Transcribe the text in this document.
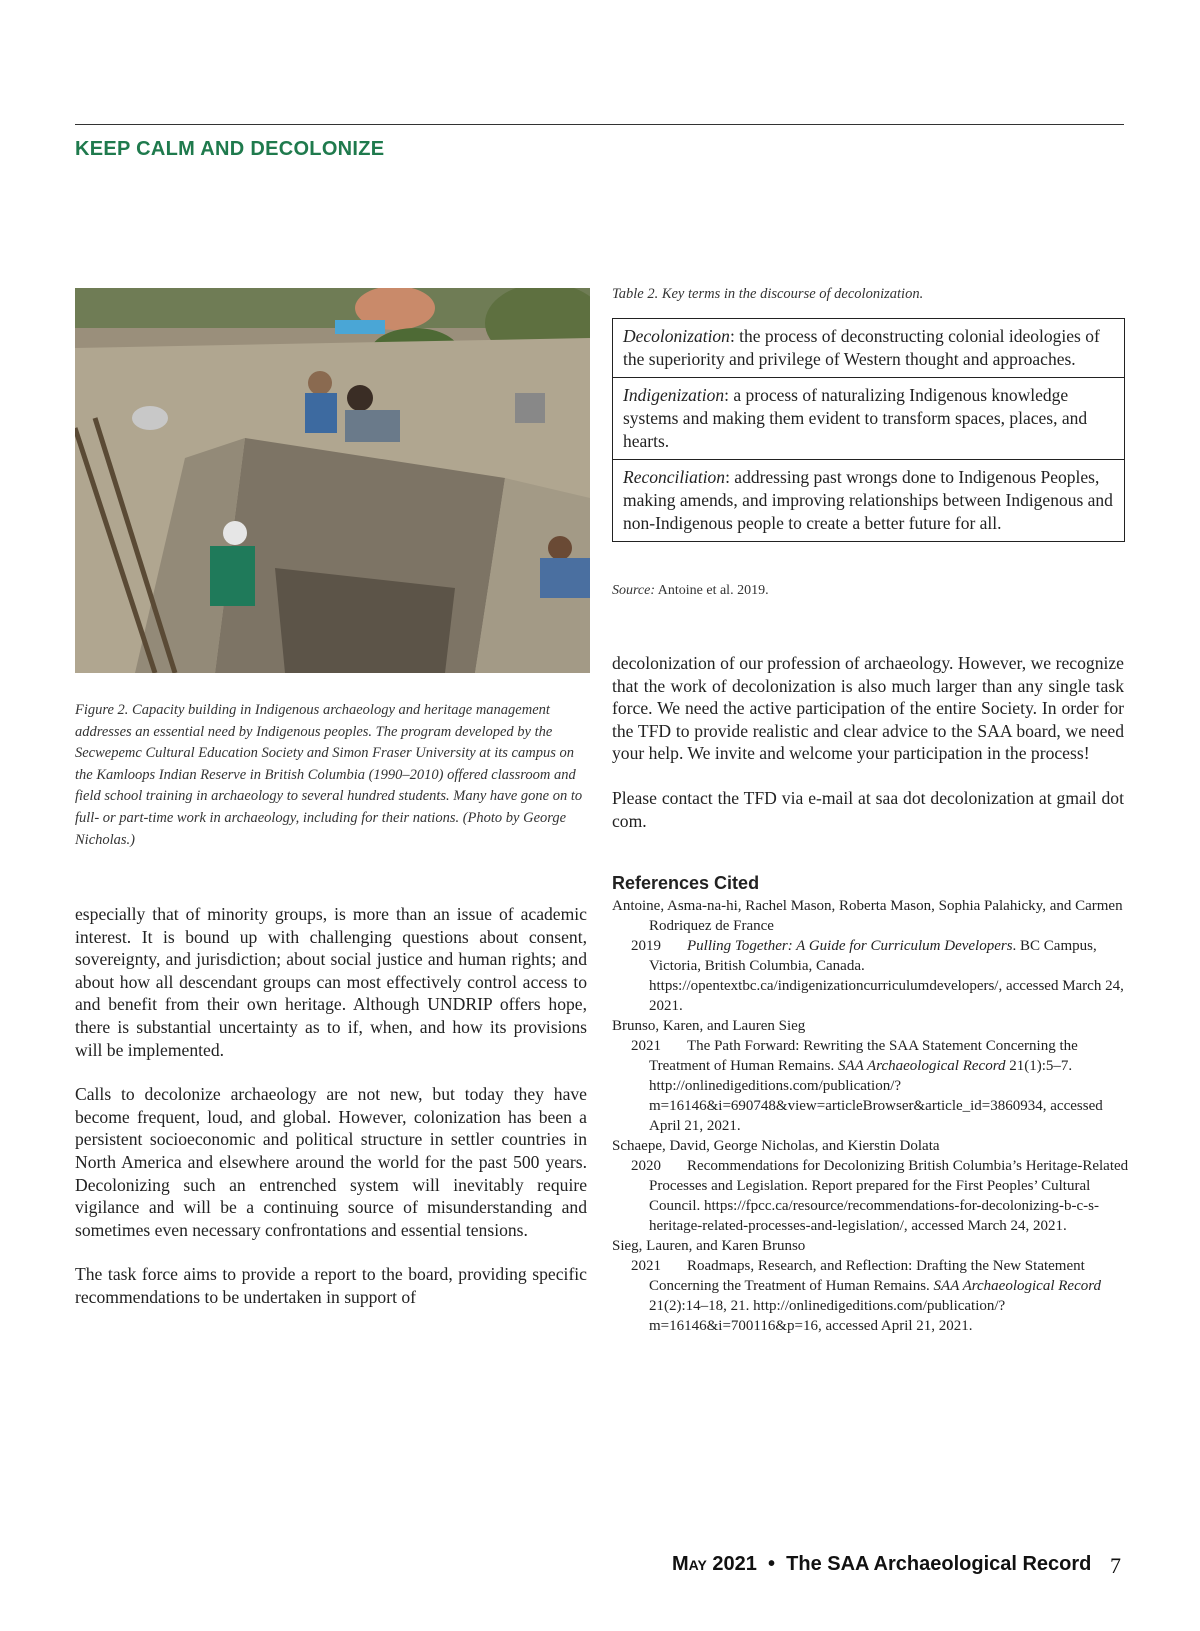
KEEP CALM AND DECOLONIZE
Figure 2. Capacity building in Indigenous archaeology and heritage management addresses an essential need by Indigenous peoples. The program developed by the Secwepemc Cultural Education Society and Simon Fraser University at its campus on the Kamloops Indian Reserve in British Columbia (1990–2010) offered classroom and field school training in archaeology to several hundred students. Many have gone on to full- or part-time work in archaeology, including for their nations. (Photo by George Nicholas.)
Table 2. Key terms in the discourse of decolonization.
Decolonization: the process of deconstructing colonial ideologies of the superiority and privilege of Western thought and approaches.
Indigenization: a process of naturalizing Indigenous knowledge systems and making them evident to transform spaces, places, and hearts.
Reconciliation: addressing past wrongs done to Indigenous Peoples, making amends, and improving relationships between Indigenous and non-Indigenous people to create a better future for all.
Source: Antoine et al. 2019.

especially that of minority groups, is more than an issue of academic interest. It is bound up with challenging questions about consent, sovereignty, and jurisdiction; about social justice and human rights; and about how all descendant groups can most effectively control access to and benefit from their own heritage. Although UNDRIP offers hope, there is substantial uncertainty as to if, when, and how its provisions will be implemented.

Calls to decolonize archaeology are not new, but today they have become frequent, loud, and global. However, colonization has been a persistent socioeconomic and political structure in settler countries in North America and elsewhere around the world for the past 500 years. Decolonizing such an entrenched system will inevitably require vigilance and will be a continuing source of misunderstanding and sometimes even necessary confrontations and essential tensions.

The task force aims to provide a report to the board, providing specific recommendations to be undertaken in support of

decolonization of our profession of archaeology. However, we recognize that the work of decolonization is also much larger than any single task force. We need the active participation of the entire Society. In order for the TFD to provide realistic and clear advice to the SAA board, we need your help. We invite and welcome your participation in the process!

Please contact the TFD via e-mail at saa dot decolonization at gmail dot com.

References Cited
Antoine, Asma-na-hi, Rachel Mason, Roberta Mason, Sophia Palahicky, and Carmen Rodriquez de France
2019 Pulling Together: A Guide for Curriculum Developers. BC Campus, Victoria, British Columbia, Canada. https://opentextbc.ca/indigenizationcurriculumdevelopers/, accessed March 24, 2021.
Brunso, Karen, and Lauren Sieg
2021 The Path Forward: Rewriting the SAA Statement Concerning the Treatment of Human Remains. SAA Archaeological Record 21(1):5–7. http://onlinedigeditions.com/publication/?m=16146&i=690748&view=articleBrowser&article_id=3860934, accessed April 21, 2021.
Schaepe, David, George Nicholas, and Kierstin Dolata
2020 Recommendations for Decolonizing British Columbia’s Heritage-Related Processes and Legislation. Report prepared for the First Peoples’ Cultural Council. https://fpcc.ca/resource/recommendations-for-decolonizing-b-c-s-heritage-related-processes-and-legislation/, accessed March 24, 2021.
Sieg, Lauren, and Karen Brunso
2021 Roadmaps, Research, and Reflection: Drafting the New Statement Concerning the Treatment of Human Remains. SAA Archaeological Record 21(2):14–18, 21. http://onlinedigeditions.com/publication/?m=16146&i=700116&p=16, accessed April 21, 2021.
May 2021 • The SAA Archaeological Record 7
